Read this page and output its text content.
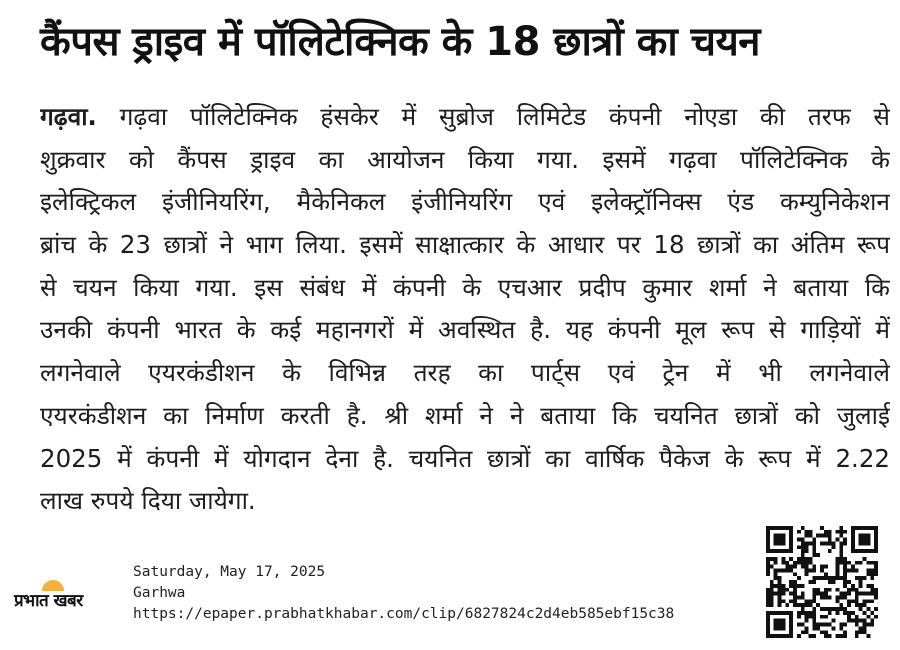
कैंपस ड्राइव में पॉलिटेक्निक के 18 छात्रों का चयन
गढ़वा. गढ़वा पॉलिटेक्निक हंसकेर में सुब्रोज लिमिटेड कंपनी नोएडा की तरफ से
शुक्रवार को कैंपस ड्राइव का आयोजन किया गया. इसमें गढ़वा पॉलिटेक्निक के
इलेक्ट्रिकल इंजीनियरिंग, मैकेनिकल इंजीनियरिंग एवं इलेक्ट्रॉनिक्स एंड कम्युनिकेशन
ब्रांच के 23 छात्रों ने भाग लिया. इसमें साक्षात्कार के आधार पर 18 छात्रों का अंतिम रूप
से चयन किया गया. इस संबंध में कंपनी के एचआर प्रदीप कुमार शर्मा ने बताया कि
उनकी कंपनी भारत के कई महानगरों में अवस्थित है. यह कंपनी मूल रूप से गाड़ियों में
लगनेवाले एयरकंडीशन के विभिन्न तरह का पार्ट्स एवं ट्रेन में भी लगनेवाले
एयरकंडीशन का निर्माण करती है. श्री शर्मा ने ने बताया कि चयनित छात्रों को जुलाई
2025 में कंपनी में योगदान देना है. चयनित छात्रों का वार्षिक पैकेज के रूप में 2.22
लाख रुपये दिया जायेगा.
प्रभात खबर
Saturday, May 17, 2025
Garhwa
https://epaper.prabhatkhabar.com/clip/6827824c2d4eb585ebf15c38
